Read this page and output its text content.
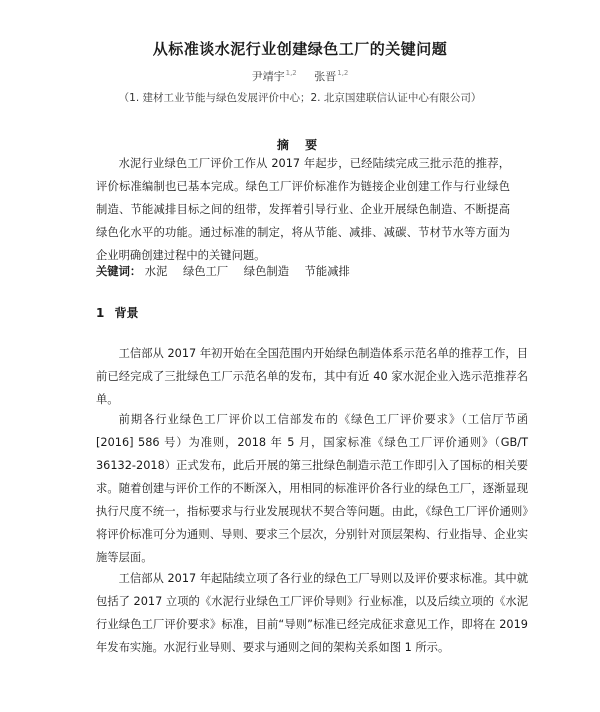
从标准谈水泥行业创建绿色工厂的关键问题
尹靖宇$^{1,2}$ 张晋$^{1,2}$
（1. 建材工业节能与绿色发展评价中心；2. 北京国建联信认证中心有限公司）
摘 要

水泥行业绿色工厂评价工作从 2017 年起步，已经陆续完成三批示范的推荐，评价标准编制也已基本完成。绿色工厂评价标准作为链接企业创建工作与行业绿色制造、节能减排目标之间的纽带，发挥着引导行业、企业开展绿色制造、不断提高绿色化水平的功能。通过标准的制定，将从节能、减排、减碳、节材节水等方面为企业明确创建过程中的关键问题。

关键词： 水泥 绿色工厂 绿色制造 节能减排
1 背景

工信部从 2017 年初开始在全国范围内开始绿色制造体系示范名单的推荐工作，目前已经完成了三批绿色工厂示范名单的发布，其中有近 40 家水泥企业入选示范推荐名单。

前期各行业绿色工厂评价以工信部发布的《绿色工厂评价要求》（工信厅节函[2016] 586 号）为准则，2018 年 5 月，国家标准《绿色工厂评价通则》（GB/T 36132-2018）正式发布，此后开展的第三批绿色制造示范工作即引入了国标的相关要求。随着创建与评价工作的不断深入，用相同的标准评价各行业的绿色工厂，逐渐显现执行尺度不统一，指标要求与行业发展现状不契合等问题。由此，《绿色工厂评价通则》将评价标准可分为通则、导则、要求三个层次，分别针对顶层架构、行业指导、企业实施等层面。

工信部从 2017 年起陆续立项了各行业的绿色工厂导则以及评价要求标准。其中就包括了 2017 立项的《水泥行业绿色工厂评价导则》行业标准，以及后续立项的《水泥行业绿色工厂评价要求》标准，目前“导则”标准已经完成征求意见工作，即将在 2019 年发布实施。水泥行业导则、要求与通则之间的架构关系如图 1 所示。
